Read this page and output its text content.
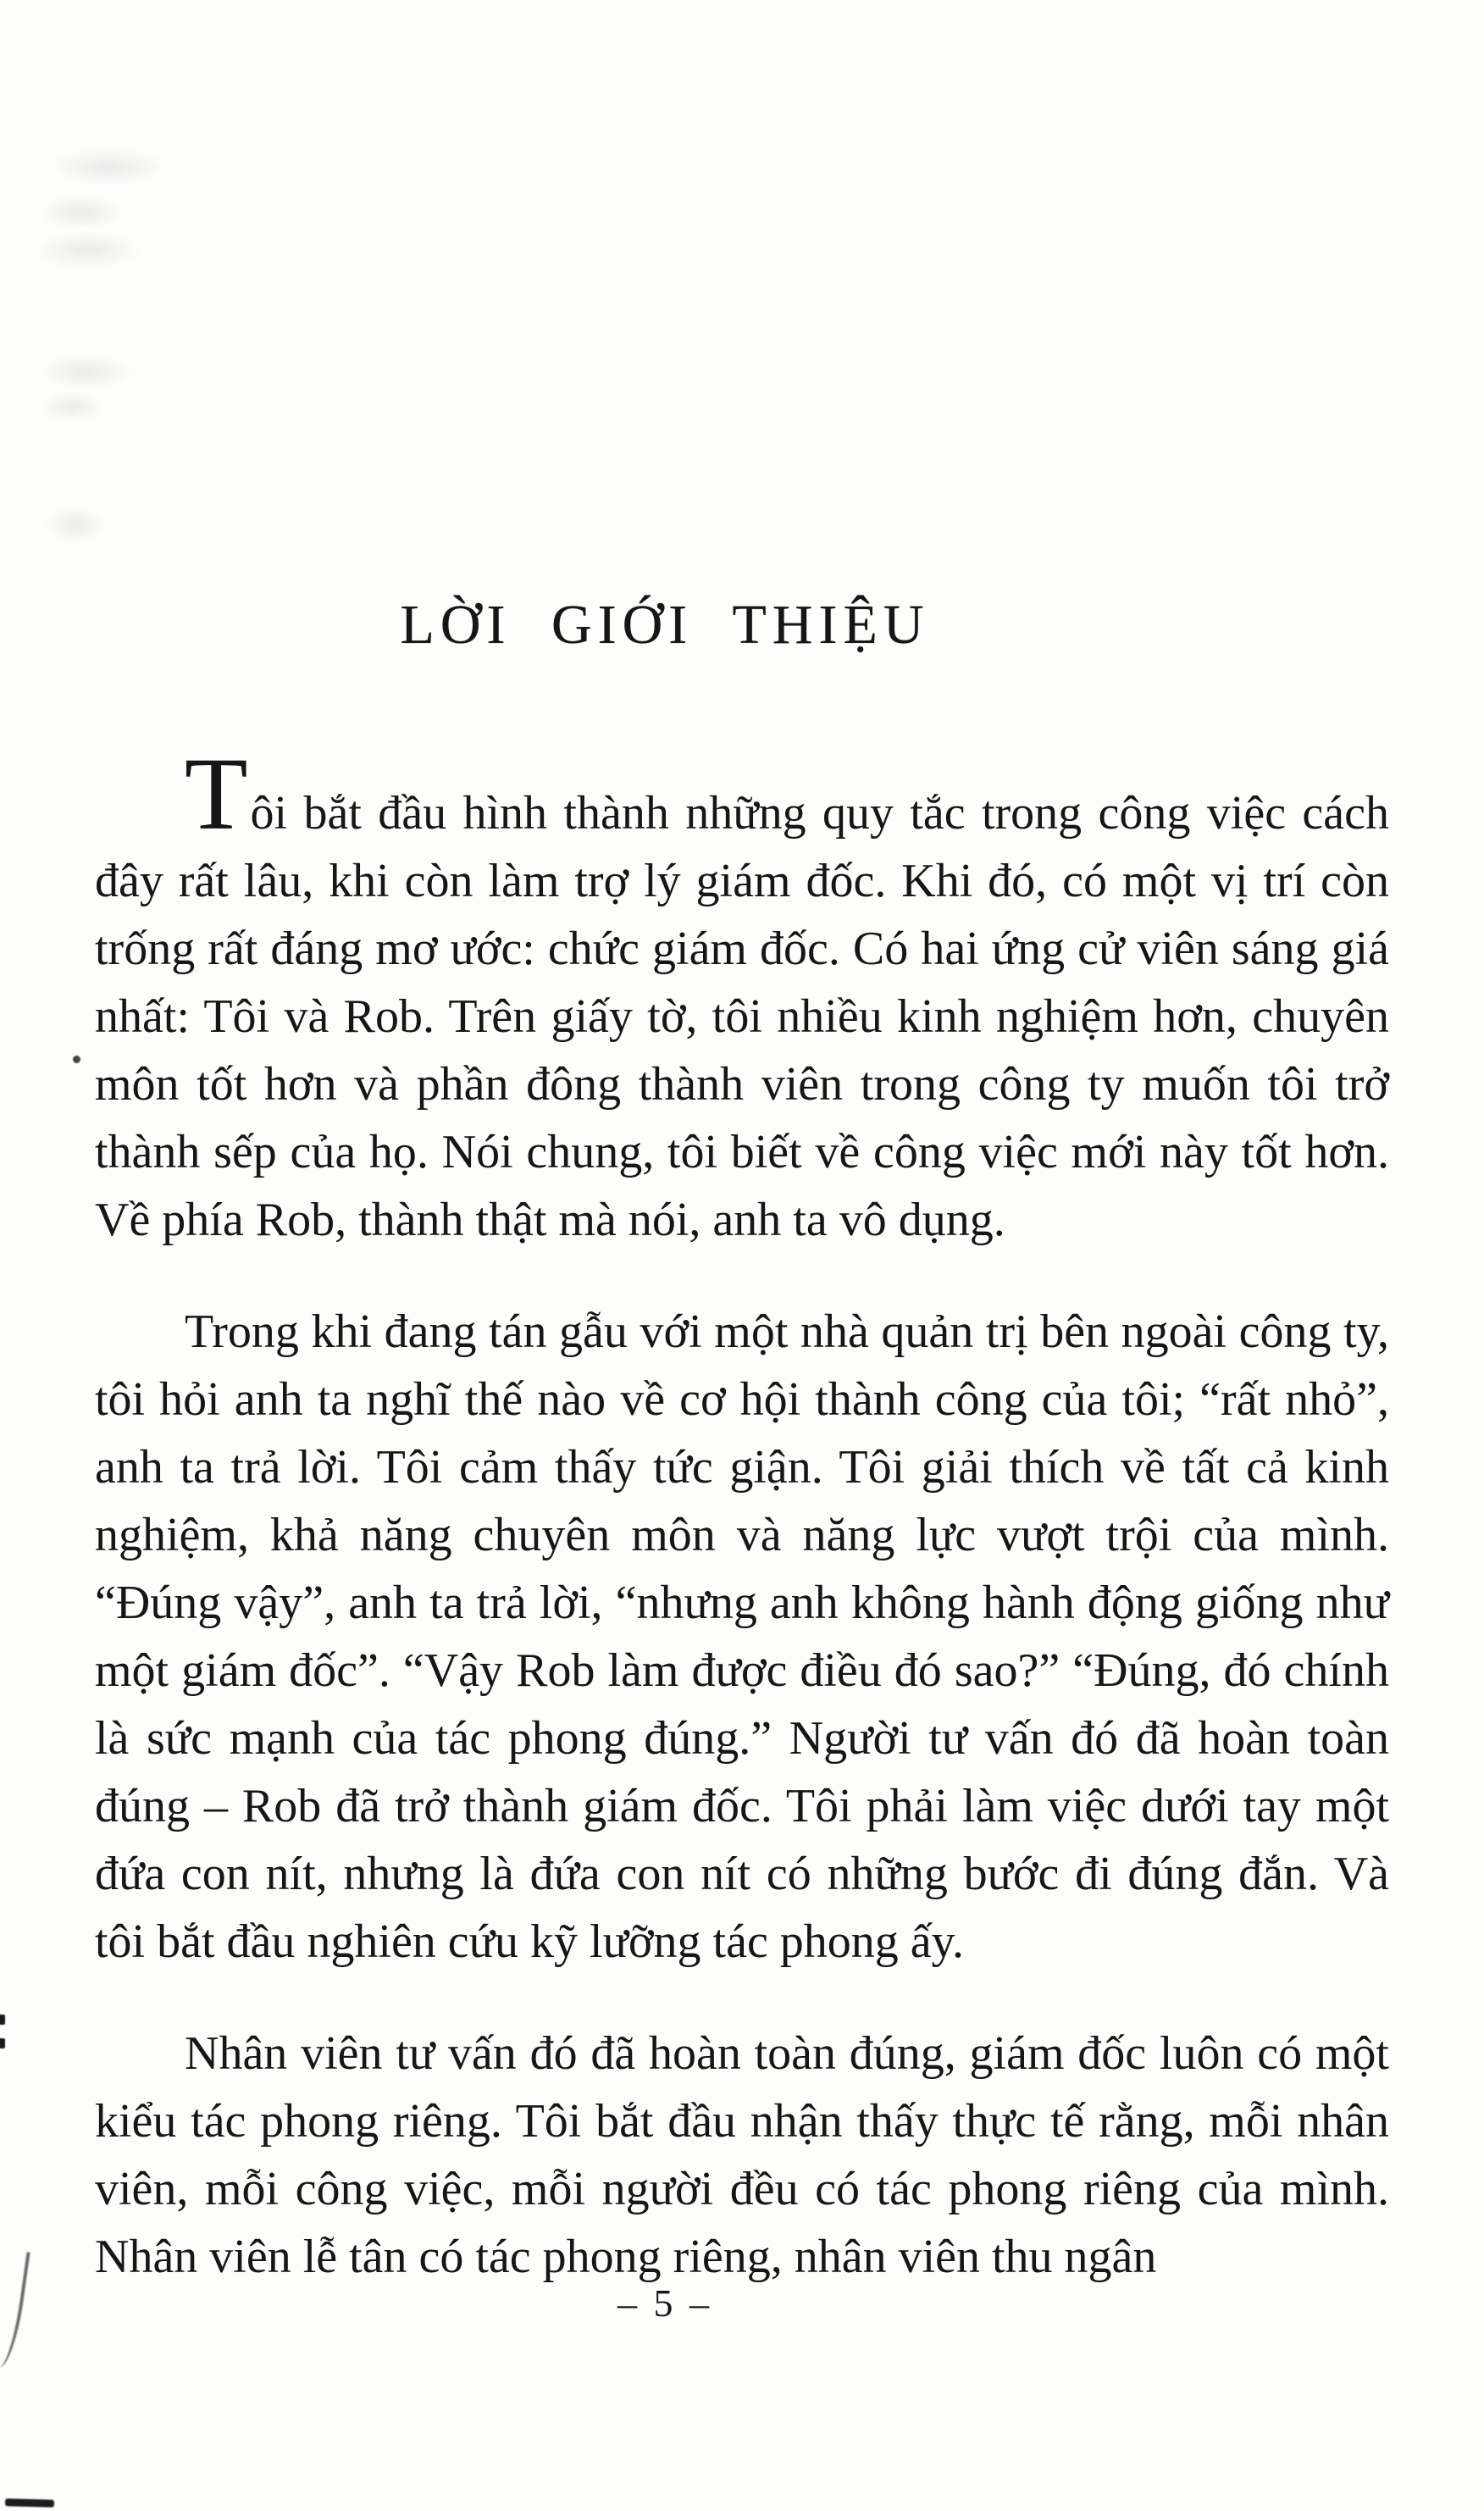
LỜI GIỚI THIỆU

Tôi bắt đầu hình thành những quy tắc trong công việc cách đây rất lâu, khi còn làm trợ lý giám đốc. Khi đó, có một vị trí còn trống rất đáng mơ ước: chức giám đốc. Có hai ứng cử viên sáng giá nhất: Tôi và Rob. Trên giấy tờ, tôi nhiều kinh nghiệm hơn, chuyên môn tốt hơn và phần đông thành viên trong công ty muốn tôi trở thành sếp của họ. Nói chung, tôi biết về công việc mới này tốt hơn. Về phía Rob, thành thật mà nói, anh ta vô dụng.

Trong khi đang tán gẫu với một nhà quản trị bên ngoài công ty, tôi hỏi anh ta nghĩ thế nào về cơ hội thành công của tôi; “rất nhỏ”, anh ta trả lời. Tôi cảm thấy tức giận. Tôi giải thích về tất cả kinh nghiệm, khả năng chuyên môn và năng lực vượt trội của mình. “Đúng vậy”, anh ta trả lời, “nhưng anh không hành động giống như một giám đốc”. “Vậy Rob làm được điều đó sao?” “Đúng, đó chính là sức mạnh của tác phong đúng.” Người tư vấn đó đã hoàn toàn đúng – Rob đã trở thành giám đốc. Tôi phải làm việc dưới tay một đứa con nít, nhưng là đứa con nít có những bước đi đúng đắn. Và tôi bắt đầu nghiên cứu kỹ lưỡng tác phong ấy.

Nhân viên tư vấn đó đã hoàn toàn đúng, giám đốc luôn có một kiểu tác phong riêng. Tôi bắt đầu nhận thấy thực tế rằng, mỗi nhân viên, mỗi công việc, mỗi người đều có tác phong riêng của mình. Nhân viên lễ tân có tác phong riêng, nhân viên thu ngân

– 5 –
